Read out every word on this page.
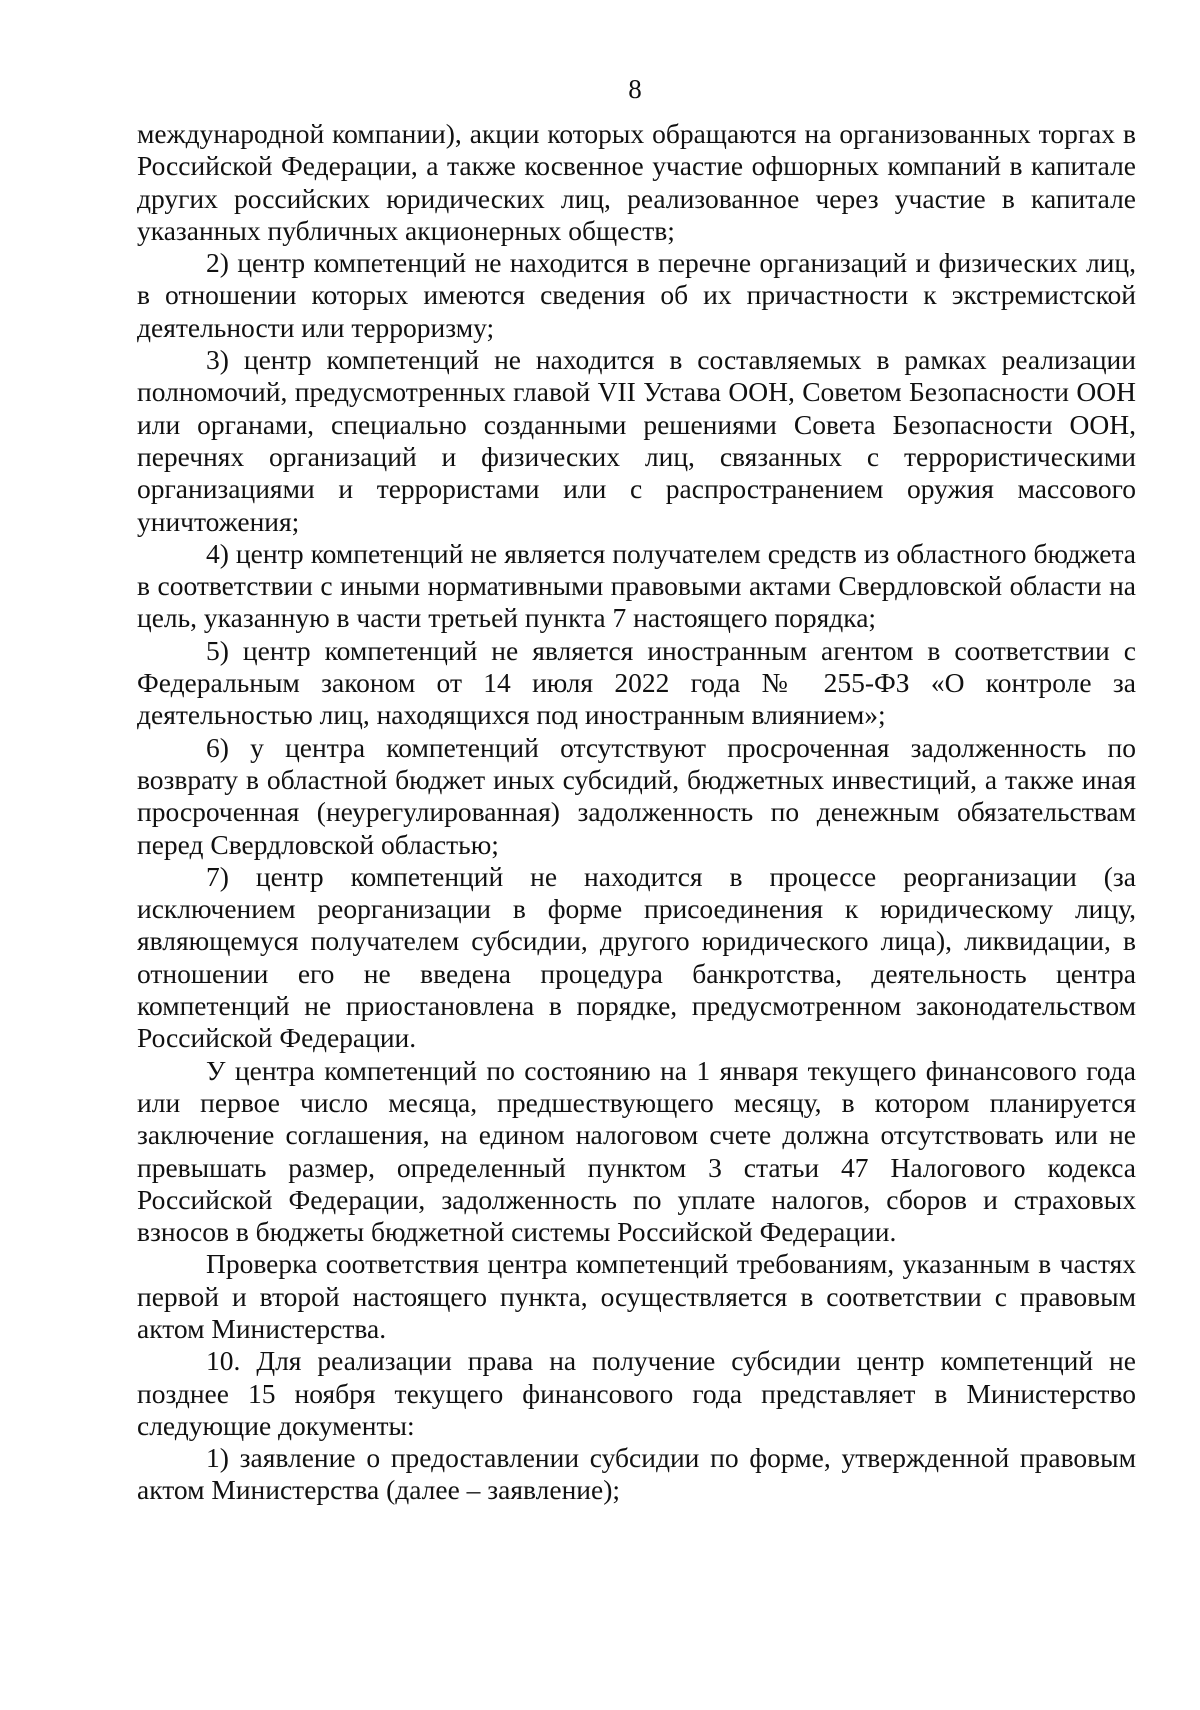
8

международной компании), акции которых обращаются на организованных торгах в Российской Федерации, а также косвенное участие офшорных компаний в капитале других российских юридических лиц, реализованное через участие в капитале указанных публичных акционерных обществ;

2) центр компетенций не находится в перечне организаций и физических лиц, в отношении которых имеются сведения об их причастности к экстремистской деятельности или терроризму;

3) центр компетенций не находится в составляемых в рамках реализации полномочий, предусмотренных главой VII Устава ООН, Советом Безопасности ООН или органами, специально созданными решениями Совета Безопасности ООН, перечнях организаций и физических лиц, связанных с террористическими организациями и террористами или с распространением оружия массового уничтожения;

4) центр компетенций не является получателем средств из областного бюджета в соответствии с иными нормативными правовыми актами Свердловской области на цель, указанную в части третьей пункта 7 настоящего порядка;

5) центр компетенций не является иностранным агентом в соответствии с Федеральным законом от 14 июля 2022 года № 255-ФЗ «О контроле за деятельностью лиц, находящихся под иностранным влиянием»;

6) у центра компетенций отсутствуют просроченная задолженность по возврату в областной бюджет иных субсидий, бюджетных инвестиций, а также иная просроченная (неурегулированная) задолженность по денежным обязательствам перед Свердловской областью;

7) центр компетенций не находится в процессе реорганизации (за исключением реорганизации в форме присоединения к юридическому лицу, являющемуся получателем субсидии, другого юридического лица), ликвидации, в отношении его не введена процедура банкротства, деятельность центра компетенций не приостановлена в порядке, предусмотренном законодательством Российской Федерации.

У центра компетенций по состоянию на 1 января текущего финансового года или первое число месяца, предшествующего месяцу, в котором планируется заключение соглашения, на едином налоговом счете должна отсутствовать или не превышать размер, определенный пунктом 3 статьи 47 Налогового кодекса Российской Федерации, задолженность по уплате налогов, сборов и страховых взносов в бюджеты бюджетной системы Российской Федерации.

Проверка соответствия центра компетенций требованиям, указанным в частях первой и второй настоящего пункта, осуществляется в соответствии с правовым актом Министерства.

10. Для реализации права на получение субсидии центр компетенций не позднее 15 ноября текущего финансового года представляет в Министерство следующие документы:

1) заявление о предоставлении субсидии по форме, утвержденной правовым актом Министерства (далее – заявление);
